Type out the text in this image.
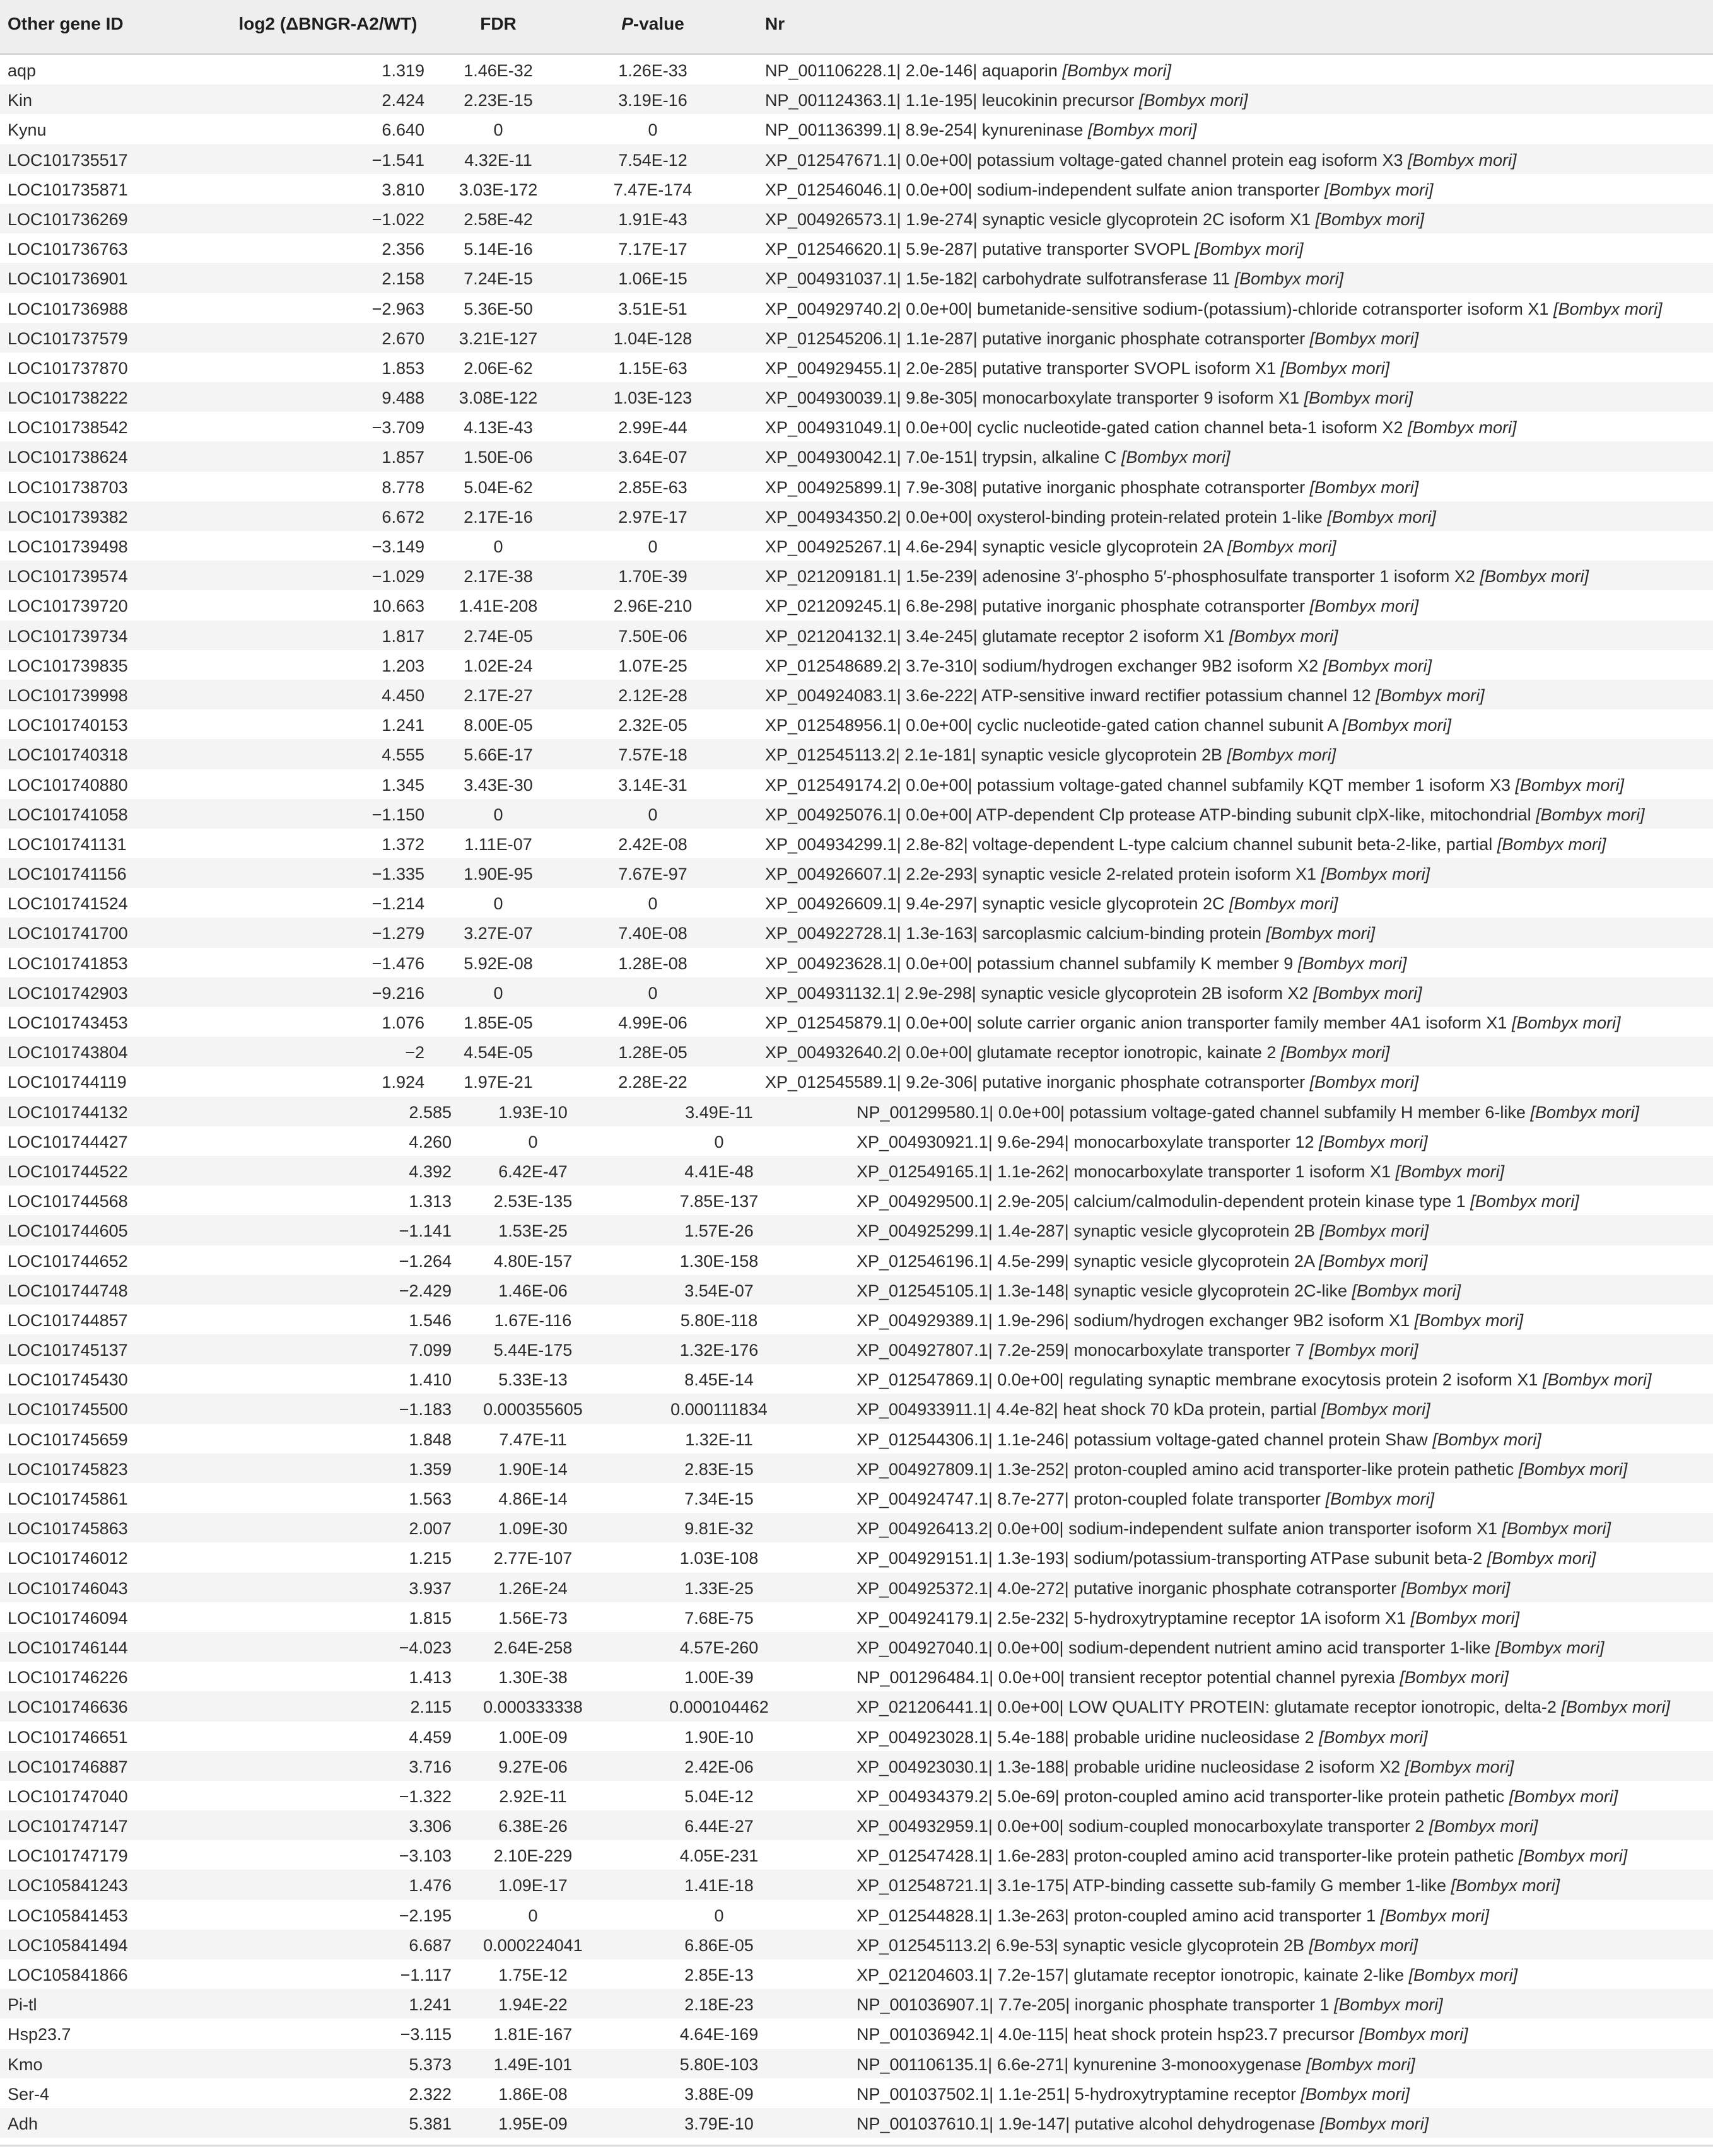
Other gene ID	log2 (ΔBNGR-A2/WT)	FDR	P-value	Nr
aqp	1.319	1.46E-32	1.26E-33	NP_001106228.1| 2.0e-146| aquaporin [Bombyx mori]
Kin	2.424	2.23E-15	3.19E-16	NP_001124363.1| 1.1e-195| leucokinin precursor [Bombyx mori]
Kynu	6.640	0	0	NP_001136399.1| 8.9e-254| kynureninase [Bombyx mori]
LOC101735517	−1.541	4.32E-11	7.54E-12	XP_012547671.1| 0.0e+00| potassium voltage-gated channel protein eag isoform X3 [Bombyx mori]
LOC101735871	3.810	3.03E-172	7.47E-174	XP_012546046.1| 0.0e+00| sodium-independent sulfate anion transporter [Bombyx mori]
LOC101736269	−1.022	2.58E-42	1.91E-43	XP_004926573.1| 1.9e-274| synaptic vesicle glycoprotein 2C isoform X1 [Bombyx mori]
LOC101736763	2.356	5.14E-16	7.17E-17	XP_012546620.1| 5.9e-287| putative transporter SVOPL [Bombyx mori]
LOC101736901	2.158	7.24E-15	1.06E-15	XP_004931037.1| 1.5e-182| carbohydrate sulfotransferase 11 [Bombyx mori]
LOC101736988	−2.963	5.36E-50	3.51E-51	XP_004929740.2| 0.0e+00| bumetanide-sensitive sodium-(potassium)-chloride cotransporter isoform X1 [Bombyx mori]
LOC101737579	2.670	3.21E-127	1.04E-128	XP_012545206.1| 1.1e-287| putative inorganic phosphate cotransporter [Bombyx mori]
LOC101737870	1.853	2.06E-62	1.15E-63	XP_004929455.1| 2.0e-285| putative transporter SVOPL isoform X1 [Bombyx mori]
LOC101738222	9.488	3.08E-122	1.03E-123	XP_004930039.1| 9.8e-305| monocarboxylate transporter 9 isoform X1 [Bombyx mori]
LOC101738542	−3.709	4.13E-43	2.99E-44	XP_004931049.1| 0.0e+00| cyclic nucleotide-gated cation channel beta-1 isoform X2 [Bombyx mori]
LOC101738624	1.857	1.50E-06	3.64E-07	XP_004930042.1| 7.0e-151| trypsin, alkaline C [Bombyx mori]
LOC101738703	8.778	5.04E-62	2.85E-63	XP_004925899.1| 7.9e-308| putative inorganic phosphate cotransporter [Bombyx mori]
LOC101739382	6.672	2.17E-16	2.97E-17	XP_004934350.2| 0.0e+00| oxysterol-binding protein-related protein 1-like [Bombyx mori]
LOC101739498	−3.149	0	0	XP_004925267.1| 4.6e-294| synaptic vesicle glycoprotein 2A [Bombyx mori]
LOC101739574	−1.029	2.17E-38	1.70E-39	XP_021209181.1| 1.5e-239| adenosine 3′-phospho 5′-phosphosulfate transporter 1 isoform X2 [Bombyx mori]
LOC101739720	10.663	1.41E-208	2.96E-210	XP_021209245.1| 6.8e-298| putative inorganic phosphate cotransporter [Bombyx mori]
LOC101739734	1.817	2.74E-05	7.50E-06	XP_021204132.1| 3.4e-245| glutamate receptor 2 isoform X1 [Bombyx mori]
LOC101739835	1.203	1.02E-24	1.07E-25	XP_012548689.2| 3.7e-310| sodium/hydrogen exchanger 9B2 isoform X2 [Bombyx mori]
LOC101739998	4.450	2.17E-27	2.12E-28	XP_004924083.1| 3.6e-222| ATP-sensitive inward rectifier potassium channel 12 [Bombyx mori]
LOC101740153	1.241	8.00E-05	2.32E-05	XP_012548956.1| 0.0e+00| cyclic nucleotide-gated cation channel subunit A [Bombyx mori]
LOC101740318	4.555	5.66E-17	7.57E-18	XP_012545113.2| 2.1e-181| synaptic vesicle glycoprotein 2B [Bombyx mori]
LOC101740880	1.345	3.43E-30	3.14E-31	XP_012549174.2| 0.0e+00| potassium voltage-gated channel subfamily KQT member 1 isoform X3 [Bombyx mori]
LOC101741058	−1.150	0	0	XP_004925076.1| 0.0e+00| ATP-dependent Clp protease ATP-binding subunit clpX-like, mitochondrial [Bombyx mori]
LOC101741131	1.372	1.11E-07	2.42E-08	XP_004934299.1| 2.8e-82| voltage-dependent L-type calcium channel subunit beta-2-like, partial [Bombyx mori]
LOC101741156	−1.335	1.90E-95	7.67E-97	XP_004926607.1| 2.2e-293| synaptic vesicle 2-related protein isoform X1 [Bombyx mori]
LOC101741524	−1.214	0	0	XP_004926609.1| 9.4e-297| synaptic vesicle glycoprotein 2C [Bombyx mori]
LOC101741700	−1.279	3.27E-07	7.40E-08	XP_004922728.1| 1.3e-163| sarcoplasmic calcium-binding protein [Bombyx mori]
LOC101741853	−1.476	5.92E-08	1.28E-08	XP_004923628.1| 0.0e+00| potassium channel subfamily K member 9 [Bombyx mori]
LOC101742903	−9.216	0	0	XP_004931132.1| 2.9e-298| synaptic vesicle glycoprotein 2B isoform X2 [Bombyx mori]
LOC101743453	1.076	1.85E-05	4.99E-06	XP_012545879.1| 0.0e+00| solute carrier organic anion transporter family member 4A1 isoform X1 [Bombyx mori]
LOC101743804	−2	4.54E-05	1.28E-05	XP_004932640.2| 0.0e+00| glutamate receptor ionotropic, kainate 2 [Bombyx mori]
LOC101744119	1.924	1.97E-21	2.28E-22	XP_012545589.1| 9.2e-306| putative inorganic phosphate cotransporter [Bombyx mori]
LOC101744132	2.585	1.93E-10	3.49E-11	NP_001299580.1| 0.0e+00| potassium voltage-gated channel subfamily H member 6-like [Bombyx mori]
LOC101744427	4.260	0	0	XP_004930921.1| 9.6e-294| monocarboxylate transporter 12 [Bombyx mori]
LOC101744522	4.392	6.42E-47	4.41E-48	XP_012549165.1| 1.1e-262| monocarboxylate transporter 1 isoform X1 [Bombyx mori]
LOC101744568	1.313	2.53E-135	7.85E-137	XP_004929500.1| 2.9e-205| calcium/calmodulin-dependent protein kinase type 1 [Bombyx mori]
LOC101744605	−1.141	1.53E-25	1.57E-26	XP_004925299.1| 1.4e-287| synaptic vesicle glycoprotein 2B [Bombyx mori]
LOC101744652	−1.264	4.80E-157	1.30E-158	XP_012546196.1| 4.5e-299| synaptic vesicle glycoprotein 2A [Bombyx mori]
LOC101744748	−2.429	1.46E-06	3.54E-07	XP_012545105.1| 1.3e-148| synaptic vesicle glycoprotein 2C-like [Bombyx mori]
LOC101744857	1.546	1.67E-116	5.80E-118	XP_004929389.1| 1.9e-296| sodium/hydrogen exchanger 9B2 isoform X1 [Bombyx mori]
LOC101745137	7.099	5.44E-175	1.32E-176	XP_004927807.1| 7.2e-259| monocarboxylate transporter 7 [Bombyx mori]
LOC101745430	1.410	5.33E-13	8.45E-14	XP_012547869.1| 0.0e+00| regulating synaptic membrane exocytosis protein 2 isoform X1 [Bombyx mori]
LOC101745500	−1.183	0.000355605	0.000111834	XP_004933911.1| 4.4e-82| heat shock 70 kDa protein, partial [Bombyx mori]
LOC101745659	1.848	7.47E-11	1.32E-11	XP_012544306.1| 1.1e-246| potassium voltage-gated channel protein Shaw [Bombyx mori]
LOC101745823	1.359	1.90E-14	2.83E-15	XP_004927809.1| 1.3e-252| proton-coupled amino acid transporter-like protein pathetic [Bombyx mori]
LOC101745861	1.563	4.86E-14	7.34E-15	XP_004924747.1| 8.7e-277| proton-coupled folate transporter [Bombyx mori]
LOC101745863	2.007	1.09E-30	9.81E-32	XP_004926413.2| 0.0e+00| sodium-independent sulfate anion transporter isoform X1 [Bombyx mori]
LOC101746012	1.215	2.77E-107	1.03E-108	XP_004929151.1| 1.3e-193| sodium/potassium-transporting ATPase subunit beta-2 [Bombyx mori]
LOC101746043	3.937	1.26E-24	1.33E-25	XP_004925372.1| 4.0e-272| putative inorganic phosphate cotransporter [Bombyx mori]
LOC101746094	1.815	1.56E-73	7.68E-75	XP_004924179.1| 2.5e-232| 5-hydroxytryptamine receptor 1A isoform X1 [Bombyx mori]
LOC101746144	−4.023	2.64E-258	4.57E-260	XP_004927040.1| 0.0e+00| sodium-dependent nutrient amino acid transporter 1-like [Bombyx mori]
LOC101746226	1.413	1.30E-38	1.00E-39	NP_001296484.1| 0.0e+00| transient receptor potential channel pyrexia [Bombyx mori]
LOC101746636	2.115	0.000333338	0.000104462	XP_021206441.1| 0.0e+00| LOW QUALITY PROTEIN: glutamate receptor ionotropic, delta-2 [Bombyx mori]
LOC101746651	4.459	1.00E-09	1.90E-10	XP_004923028.1| 5.4e-188| probable uridine nucleosidase 2 [Bombyx mori]
LOC101746887	3.716	9.27E-06	2.42E-06	XP_004923030.1| 1.3e-188| probable uridine nucleosidase 2 isoform X2 [Bombyx mori]
LOC101747040	−1.322	2.92E-11	5.04E-12	XP_004934379.2| 5.0e-69| proton-coupled amino acid transporter-like protein pathetic [Bombyx mori]
LOC101747147	3.306	6.38E-26	6.44E-27	XP_004932959.1| 0.0e+00| sodium-coupled monocarboxylate transporter 2 [Bombyx mori]
LOC101747179	−3.103	2.10E-229	4.05E-231	XP_012547428.1| 1.6e-283| proton-coupled amino acid transporter-like protein pathetic [Bombyx mori]
LOC105841243	1.476	1.09E-17	1.41E-18	XP_012548721.1| 3.1e-175| ATP-binding cassette sub-family G member 1-like [Bombyx mori]
LOC105841453	−2.195	0	0	XP_012544828.1| 1.3e-263| proton-coupled amino acid transporter 1 [Bombyx mori]
LOC105841494	6.687	0.000224041	6.86E-05	XP_012545113.2| 6.9e-53| synaptic vesicle glycoprotein 2B [Bombyx mori]
LOC105841866	−1.117	1.75E-12	2.85E-13	XP_021204603.1| 7.2e-157| glutamate receptor ionotropic, kainate 2-like [Bombyx mori]
Pi-tl	1.241	1.94E-22	2.18E-23	NP_001036907.1| 7.7e-205| inorganic phosphate transporter 1 [Bombyx mori]
Hsp23.7	−3.115	1.81E-167	4.64E-169	NP_001036942.1| 4.0e-115| heat shock protein hsp23.7 precursor [Bombyx mori]
Kmo	5.373	1.49E-101	5.80E-103	NP_001106135.1| 6.6e-271| kynurenine 3-monooxygenase [Bombyx mori]
Ser-4	2.322	1.86E-08	3.88E-09	NP_001037502.1| 1.1e-251| 5-hydroxytryptamine receptor [Bombyx mori]
Adh	5.381	1.95E-09	3.79E-10	NP_001037610.1| 1.9e-147| putative alcohol dehydrogenase [Bombyx mori]
